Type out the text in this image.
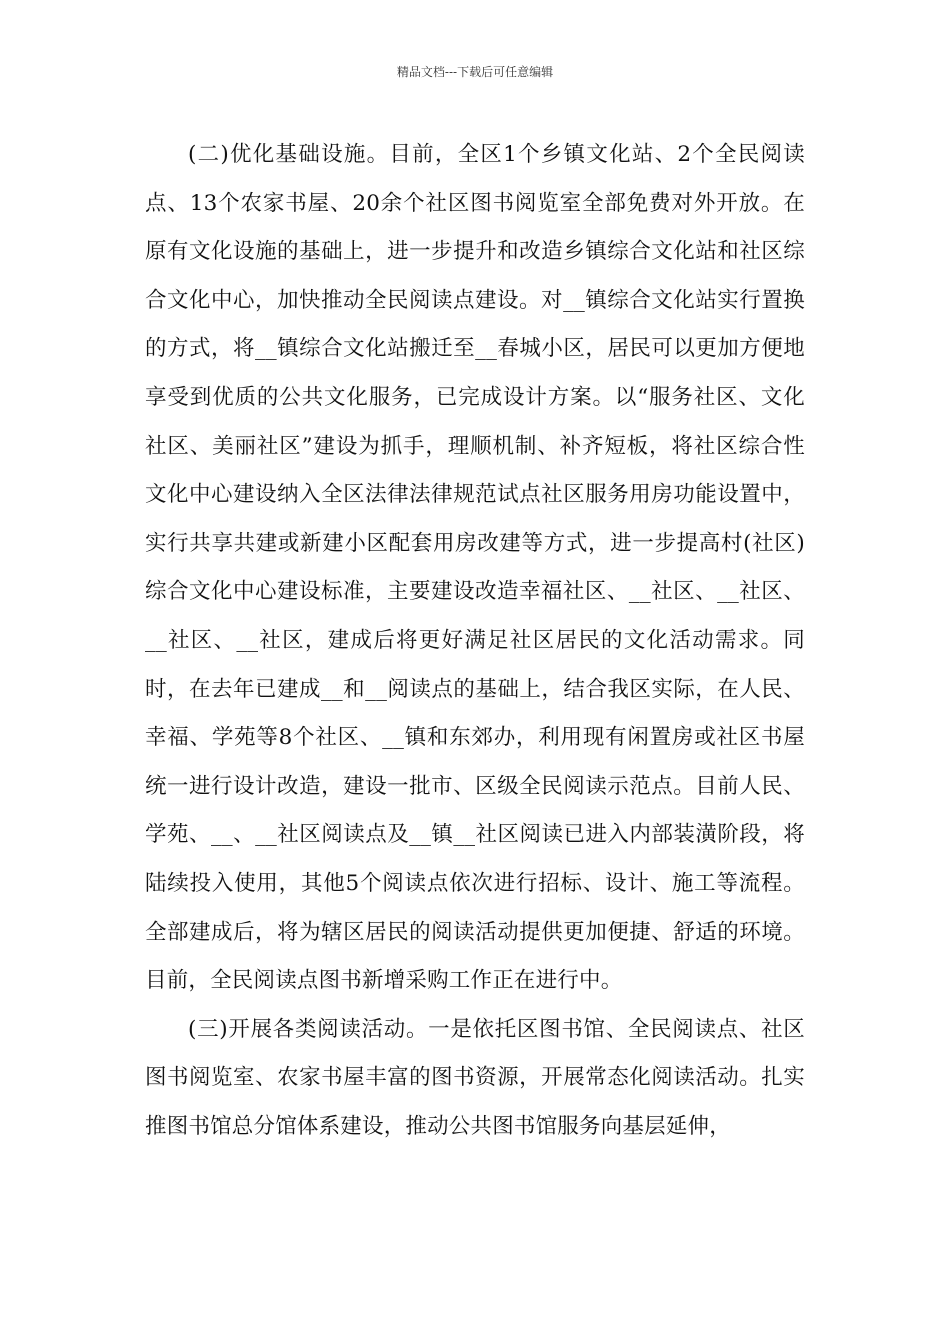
精品文档---下载后可任意编辑

(二)优化基础设施。目前，全区1个乡镇文化站、2个全民阅读点、13个农家书屋、20余个社区图书阅览室全部免费对外开放。在原有文化设施的基础上，进一步提升和改造乡镇综合文化站和社区综合文化中心，加快推动全民阅读点建设。对__镇综合文化站实行置换的方式，将__镇综合文化站搬迁至__春城小区，居民可以更加方便地享受到优质的公共文化服务，已完成设计方案。以“服务社区、文化社区、美丽社区”建设为抓手，理顺机制、补齐短板，将社区综合性文化中心建设纳入全区法律法律规范试点社区服务用房功能设置中，实行共享共建或新建小区配套用房改建等方式，进一步提高村(社区)综合文化中心建设标准，主要建设改造幸福社区、__社区、__社区、__社区、__社区，建成后将更好满足社区居民的文化活动需求。同时，在去年已建成__和__阅读点的基础上，结合我区实际，在人民、幸福、学苑等8个社区、__镇和东郊办，利用现有闲置房或社区书屋统一进行设计改造，建设一批市、区级全民阅读示范点。目前人民、学苑、__、__社区阅读点及__镇__社区阅读已进入内部装潢阶段，将陆续投入使用，其他5个阅读点依次进行招标、设计、施工等流程。全部建成后，将为辖区居民的阅读活动提供更加便捷、舒适的环境。目前，全民阅读点图书新增采购工作正在进行中。

(三)开展各类阅读活动。一是依托区图书馆、全民阅读点、社区图书阅览室、农家书屋丰富的图书资源，开展常态化阅读活动。扎实推图书馆总分馆体系建设，推动公共图书馆服务向基层延伸，
